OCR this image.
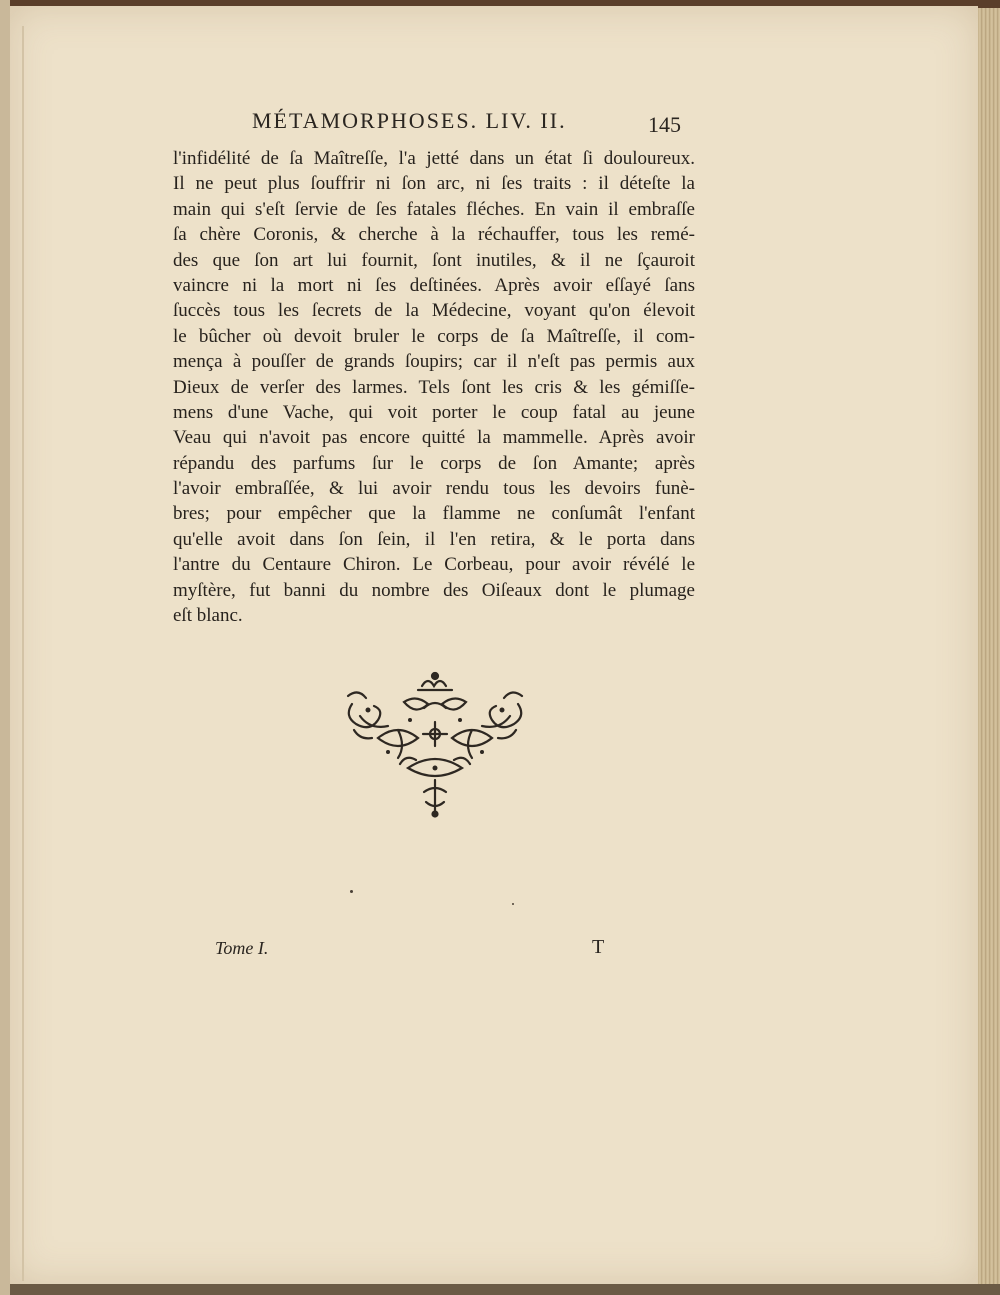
MÉTAMORPHOSES. LIV. II.	145
l'infidélité de ſa Maîtreſſe, l'a jetté dans un état ſi douloureux.
Il ne peut plus ſouffrir ni ſon arc, ni ſes traits : il déteſte la
main qui s'eſt ſervie de ſes fatales fléches. En vain il embraſſe
ſa chère Coronis, & cherche à la réchauffer, tous les remé-
des que ſon art lui fournit, ſont inutiles, & il ne ſçauroit
vaincre ni la mort ni ſes deſtinées. Après avoir eſſayé ſans
ſuccès tous les ſecrets de la Médecine, voyant qu'on élevoit
le bûcher où devoit bruler le corps de ſa Maîtreſſe, il com-
mença à pouſſer de grands ſoupirs; car il n'eſt pas permis aux
Dieux de verſer des larmes. Tels ſont les cris & les gémiſſe-
mens d'une Vache, qui voit porter le coup fatal au jeune
Veau qui n'avoit pas encore quitté la mammelle. Après avoir
répandu des parfums ſur le corps de ſon Amante; après
l'avoir embraſſée, & lui avoir rendu tous les devoirs funè-
bres; pour empêcher que la flamme ne conſumât l'enfant
qu'elle avoit dans ſon ſein, il l'en retira, & le porta dans
l'antre du Centaure Chiron. Le Corbeau, pour avoir révélé le
myſtère, fut banni du nombre des Oiſeaux dont le plumage
eſt blanc.
Tome I.	T
